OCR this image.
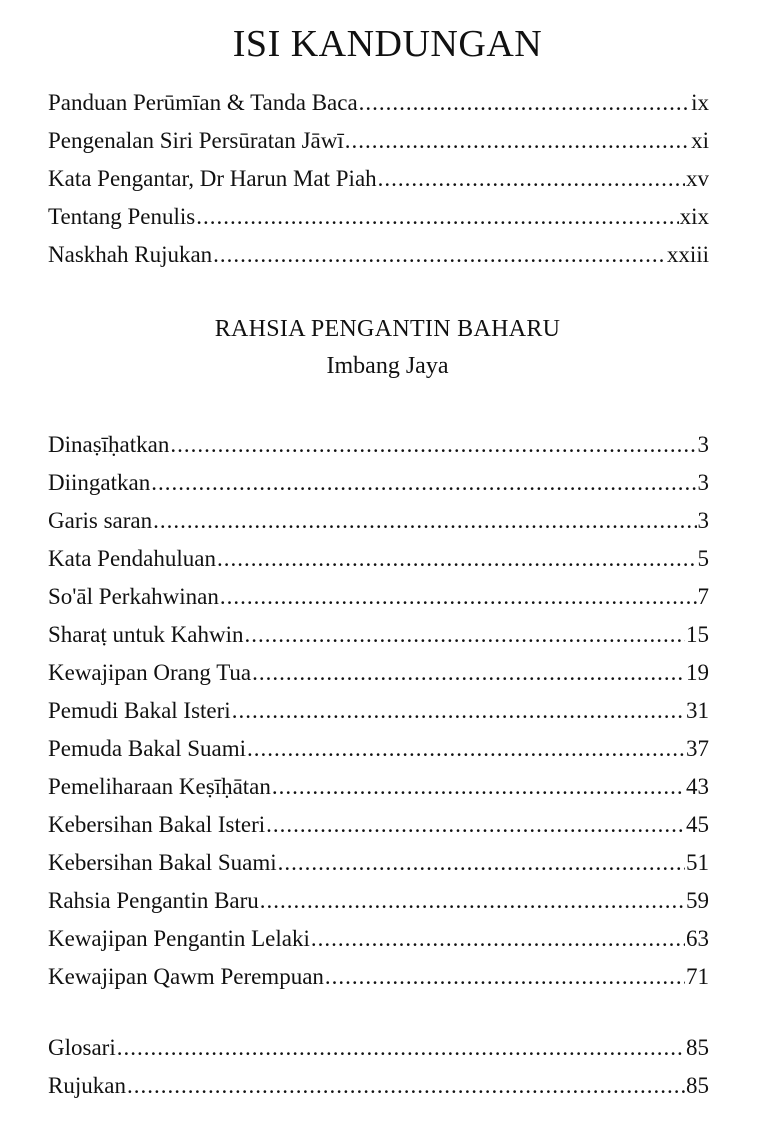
ISI KANDUNGAN
Panduan Perūmīan & Tanda Baca .....	ix
Pengenalan Siri Persūratan Jāwī .....	xi
Kata Pengantar, Dr Harun Mat Piah .....	xv
Tentang Penulis .....	xix
Naskhah Rujukan .....	xxiii
RAHSIA PENGANTIN BAHARU
Imbang Jaya
Dinaṣīḥatkan .....	3
Diingatkan .....	3
Garis saran .....	3
Kata Pendahuluan .....	5
So'āl Perkahwinan .....	7
Sharaṭ untuk Kahwin .....	15
Kewajipan Orang Tua .....	19
Pemudi Bakal Isteri .....	31
Pemuda Bakal Suami .....	37
Pemeliharaan Keṣīḥātan .....	43
Kebersihan Bakal Isteri .....	45
Kebersihan Bakal Suami .....	51
Rahsia Pengantin Baru .....	59
Kewajipan Pengantin Lelaki .....	63
Kewajipan Qawm Perempuan .....	71
Glosari .....	85
Rujukan .....	85
